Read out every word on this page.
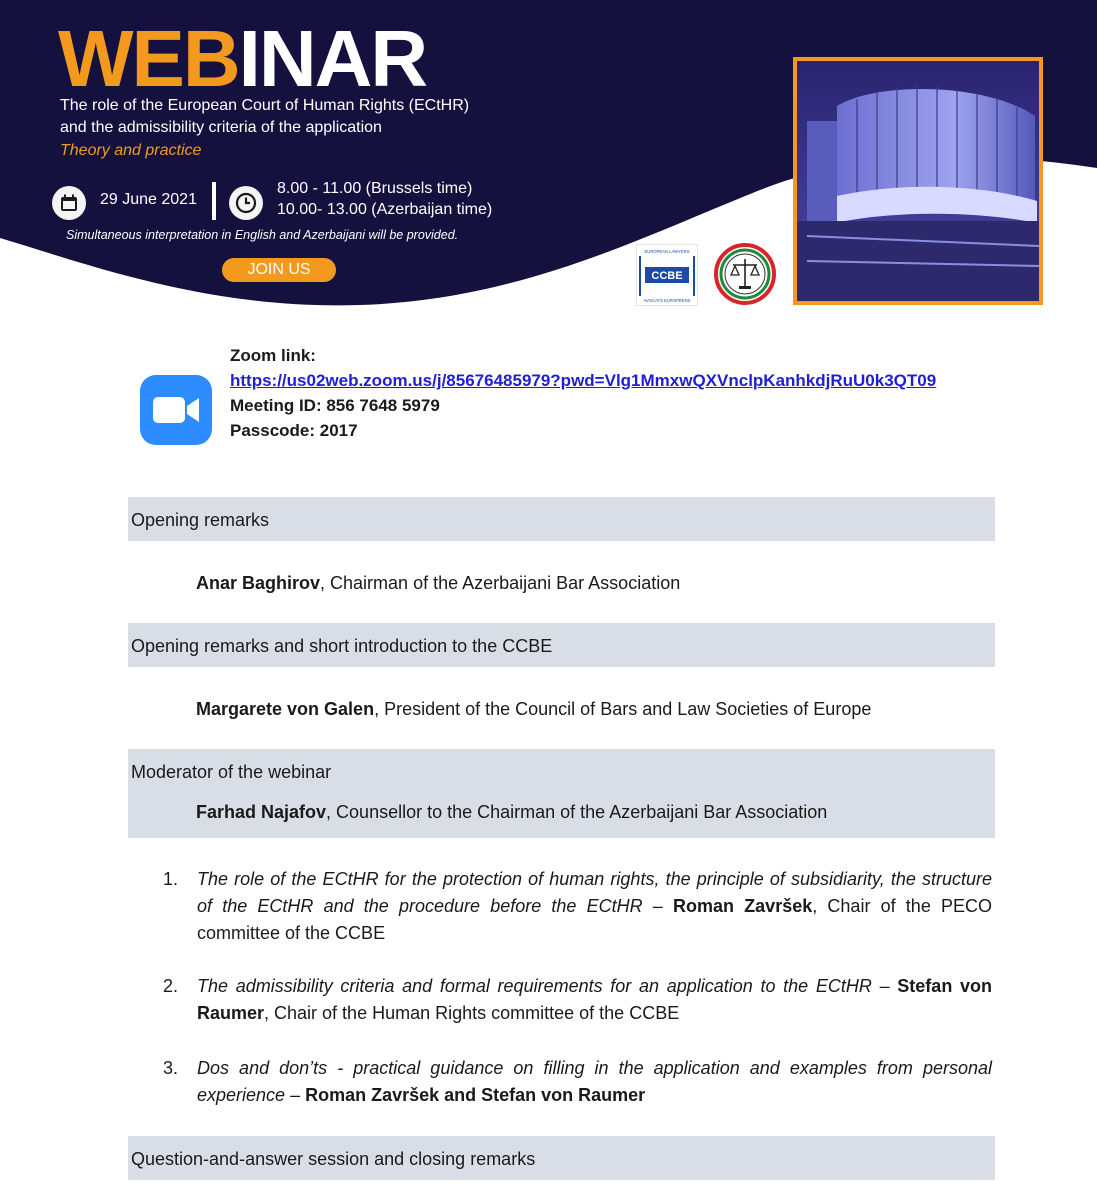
WEBINAR
The role of the European Court of Human Rights (ECtHR)
and the admissibility criteria of the application
Theory and practice
29 June 2021
8.00 - 11.00 (Brussels time)
10.00- 13.00 (Azerbaijan time)
Simultaneous interpretation in English and Azerbaijani will be provided.
JOIN US	CCBE
EUROPEAN LAWYERS
AVOCATS EUROPÉENS
Zoom link:
https://us02web.zoom.us/j/85676485979?pwd=Vlg1MmxwQXVnclpKanhkdjRuU0k3QT09
Meeting ID: 856 7648 5979
Passcode: 2017
Opening remarks
Anar Baghirov, Chairman of the Azerbaijani Bar Association
Opening remarks and short introduction to the CCBE
Margarete von Galen, President of the Council of Bars and Law Societies of Europe
Moderator of the webinar
Farhad Najafov, Counsellor to the Chairman of the Azerbaijani Bar Association
1. The role of the ECtHR for the protection of human rights, the principle of subsidiarity, the structure of the ECtHR and the procedure before the ECtHR – Roman Završek, Chair of the PECO committee of the CCBE
2. The admissibility criteria and formal requirements for an application to the ECtHR – Stefan von Raumer, Chair of the Human Rights committee of the CCBE
3. Dos and don’ts - practical guidance on filling in the application and examples from personal experience – Roman Završek and Stefan von Raumer
Question-and-answer session and closing remarks
